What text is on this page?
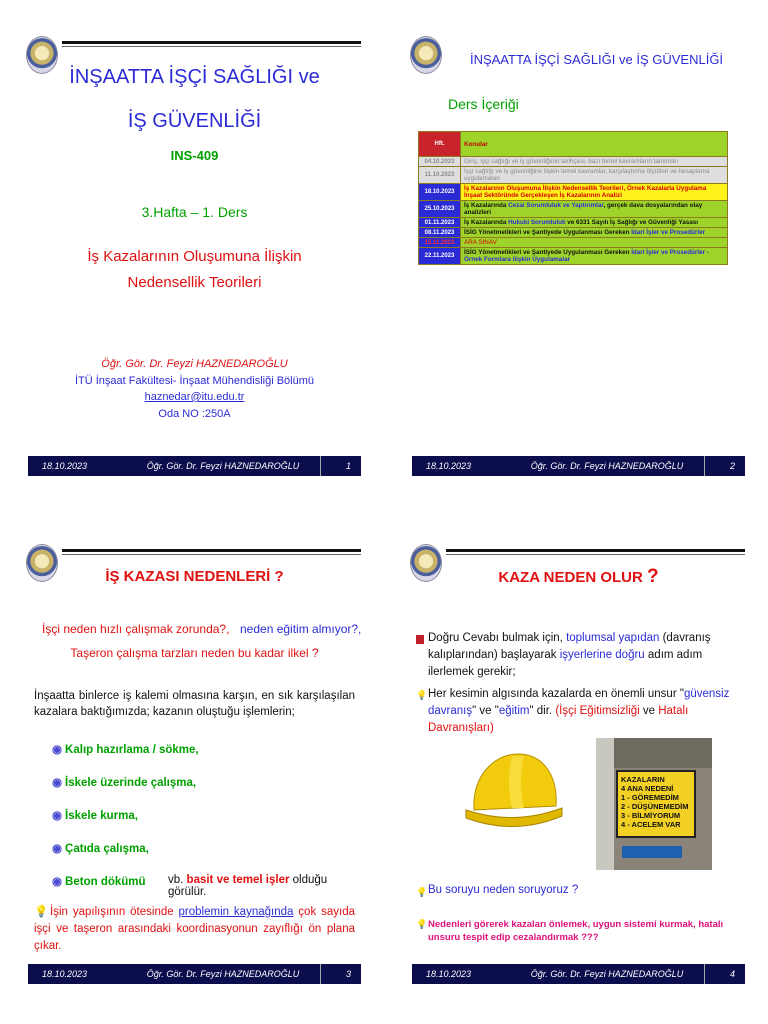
İNŞAATTA İŞÇİ SAĞLIĞI ve
İŞ GÜVENLİĞİ
INS-409
3.Hafta – 1. Ders
İş Kazalarının Oluşumuna İlişkin
Nedensellik Teorileri
Öğr. Gör. Dr. Feyzi HAZNEDAROĞLU
İTÜ İnşaat Fakültesi- İnşaat Mühendisliği Bölümü
haznedar@itu.edu.tr
Oda NO :250A
18.10.2023	Öğr. Gör. Dr. Feyzi HAZNEDAROĞLU	1
İNŞAATTA İŞÇİ SAĞLIĞI ve İŞ GÜVENLİĞİ
Ders İçeriği
Hft.	Konular
04.10.2023	Giriş, işçi sağlığı ve iş güvenliğinin tarihçesi, bazı temel kavramların tanımları
11.10.2023	İşçi sağlığı ve iş güvenliğine ilişkin temel kavramlar, karşılaştırma ölçütleri ve hesaplama uygulamaları
18.10.2023	İş Kazalarının Oluşumuna İlişkin Nedensellik Teorileri, Örnek Kazalarla Uygulama İnşaat Sektöründe Gerçekleşen İş Kazalarının Analizi
25.10.2023	İş Kazalarında Cezai Sorumluluk ve Yaptırımlar, gerçek dava dosyalarından olay analizleri
01.11.2023	İş Kazalarında Hukuki Sorumluluk ve 6331 Sayılı İş Sağlığı ve Güvenliği Yasası
08.11.2023	İSİG Yönetmelikleri ve Şantiyede Uygulanması Gereken İdari İşler ve Prosedürler
15.11.2023	ARA SINAV
22.11.2023	İSİG Yönetmelikleri ve Şantiyede Uygulanması Gereken İdari İşler ve Prosedürler - Örnek Formlara ilişkin Uygulamalar
18.10.2023	Öğr. Gör. Dr. Feyzi HAZNEDAROĞLU	2
İŞ KAZASI NEDENLERİ ?
İşçi neden hızlı çalışmak zorunda?, neden eğitim almıyor?,
Taşeron çalışma tarzları neden bu kadar ilkel ?
İnşaatta binlerce iş kalemi olmasına karşın, en sık karşılaşılan kazalara baktığımızda; kazanın oluştuğu işlemlerin;
◉ Kalıp hazırlama / sökme,
◉ İskele üzerinde çalışma,
◉ İskele kurma,
◉ Çatıda çalışma,
◉ Beton dökümü vb. basit ve temel işler olduğu görülür.
💡İşin yapılışının ötesinde problemin kaynağında çok sayıda işçi ve taşeron arasındaki koordinasyonun zayıflığı ön plana çıkar.
18.10.2023	Öğr. Gör. Dr. Feyzi HAZNEDAROĞLU	3
KAZA NEDEN OLUR ?
Doğru Cevabı bulmak için, toplumsal yapıdan (davranış kalıplarından) başlayarak işyerlerine doğru adım adım ilerlemek gerekir;
💡 Her kesimin algısında kazalarda en önemli unsur "güvensiz davranış" ve "eğitim" dir. (İşçi Eğitimsizliği ve Hatalı Davranışları)
KAZALARIN
4 ANA NEDENİ
1 - GÖREMEDİM
2 - DÜŞÜNEMEDİM
3 - BİLMİYORUM
4 - ACELEM VAR
💡 Bu soruyu neden soruyoruz ?
💡 Nedenleri görerek kazaları önlemek, uygun sistemi kurmak, hatalı unsuru tespit edip cezalandırmak ???
18.10.2023	Öğr. Gör. Dr. Feyzi HAZNEDAROĞLU	4
